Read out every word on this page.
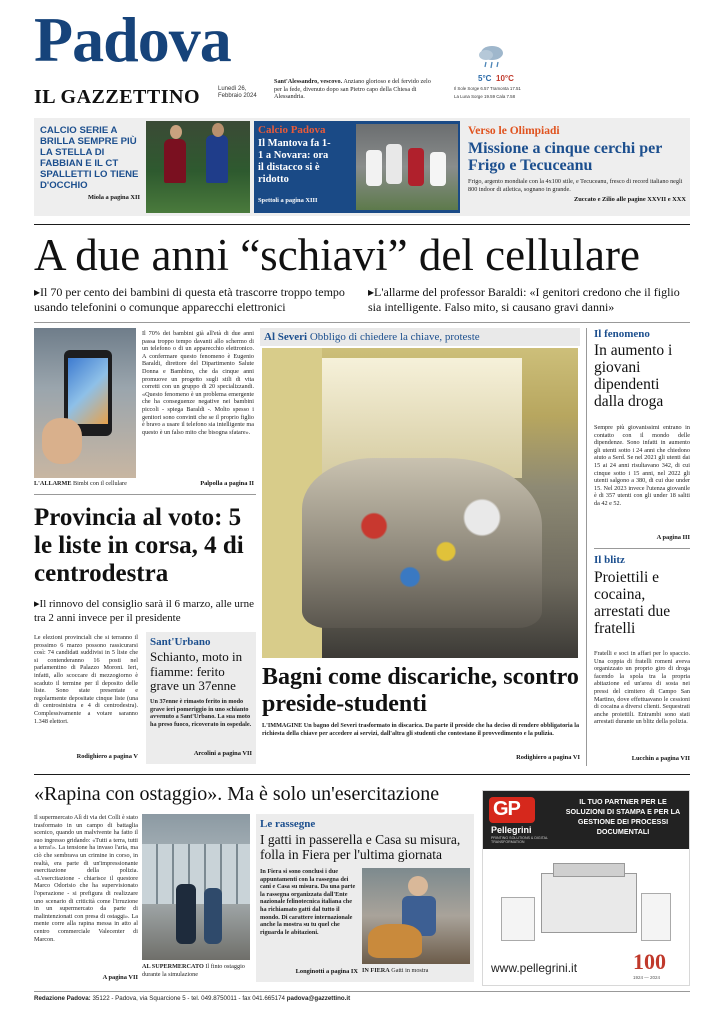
Padova
IL GAZZETTINO	Lunedì 26, Febbraio 2024
Sant'Alessandro, vescovo. Anziano glorioso e del fervido zelo per la fede, divenuto dopo san Pietro capo della Chiesa di Alessandria.
5°C 10°C
Il Sole Sorge 6.57 Tramonta 17.51
La Luna Sorge 19.59 Cala 7.58
CALCIO SERIE A BRILLA SEMPRE PIÙ LA STELLA DI FABBIAN E IL CT SPALLETTI LO TIENE D'OCCHIO
Miola a pagina XII
Calcio Padova
Il Mantova fa 1-1 a Novara: ora il distacco si è ridotto
Spettoli a pagina XIII
Verso le Olimpiadi
Missione a cinque cerchi per Frigo e Tecuceanu
Frigo, argento mondiale con la 4x100 stile, e Tecuceanu, fresco di record italiano negli 800 indoor di atletica, sognano in grande.
Zuccato e Zilio alle pagine XXVII e XXX
A due anni “schiavi” del cellulare
▸Il 70 per cento dei bambini di questa età trascorre troppo tempo usando telefonini o comunque apparecchi elettronici
▸L'allarme del professor Baraldi: «I genitori credono che il figlio sia intelligente. Falso mito, si causano gravi danni»
L'ALLARME Bimbi con il cellulare
Il 70% dei bambini già all'età di due anni passa troppo tempo davanti allo schermo di un telefono o di un apparecchio elettronico. A confermare questo fenomeno è Eugenio Baraldi, direttore del Dipartimento Salute Donna e Bambino, che da cinque anni promuove un progetto sugli stili di vita corretti con un gruppo di 20 specializzandi. «Questo fenomeno è un problema emergente che ha conseguenze negative nei bambini piccoli - spiega Baraldi -. Molto spesso i genitori sono convinti che se il proprio figlio è bravo a usare il telefono sia intelligente ma questo è un falso mito che bisogna sfatare».
Palpolla a pagina II
Al Severi Obbligo di chiedere la chiave, proteste
Bagni come discariche, scontro preside-studenti
L'IMMAGINE Un bagno del Severi trasformato in discarica. Da parte il preside che ha deciso di rendere obbligatoria la richiesta della chiave per accedere ai servizi, dall'altra gli studenti che contestano il provvedimento e la pulizia.
Rodighiero a pagina VI
Il fenomeno
In aumento i giovani dipendenti dalla droga
Sempre più giovanissimi entrano in contatto con il mondo delle dipendenze. Sono infatti in aumento gli utenti sotto i 24 anni che chiedono aiuto a Serd. Se nel 2021 gli utenti dai 15 ai 24 anni risultavano 342, di cui cinque sotto i 15 anni, nel 2022 gli utenti salgono a 380, di cui due under 15. Nel 2023 invece l'utenza giovanile è di 357 utenti con gli under 18 saliti da 42 e 52.
A pagina III
Il blitz
Proiettili e cocaina, arrestati due fratelli
Fratelli e soci in affari per lo spaccio. Una coppia di fratelli romeni aveva organizzato un proprio giro di droga facendo la spola tra la propria abitazione ed un'area di sosta nei pressi del cimitero di Campo San Martino, dove effettuavano le cessioni di cocaina a diversi clienti. Sequestrati anche proiettili. Entrambi sono stati arrestati durante un blitz della polizia.
Lucchin a pagina VII
Provincia al voto: 5 le liste in corsa, 4 di centrodestra
▸Il rinnovo del consiglio sarà il 6 marzo, alle urne tra 2 anni invece per il presidente
Le elezioni provinciali che si terranno il prossimo 6 marzo possono rassicurarsi così: 74 candidati suddivisi in 5 liste che si contenderanno 16 posti nel parlamentino di Palazzo Moroni. Ieri, infatti, allo scoccare di mezzogiorno è scaduto il termine per il deposito delle liste. Sono state presentate e regolarmente depositate cinque liste (una di centrosinistra e 4 di centrodestra). Complessivamente a votare saranno 1.348 elettori.
Rodighiero a pagina V
Sant'Urbano
Schianto, moto in fiamme: ferito grave un 37enne
Un 37enne è rimasto ferito in modo grave ieri pomeriggio in uno schianto avvenuto a Sant'Urbano. La sua moto ha preso fuoco, ricoverato in ospedale.
Arcolini a pagina VII
«Rapina con ostaggio». Ma è solo un'esercitazione
Il supermercato Alì di via dei Colli è stato trasformato in un campo di battaglia scenico, quando un malvivente ha fatto il suo ingresso gridando: «Tutti a terra, tutti a terra!». La tensione ha invaso l'aria, ma ciò che sembrava un crimine in corso, in realtà, era parte di un'impressionante esercitazione della polizia. «L'esercitazione - chiarisce il questore Marco Odorisio che ha supervisionato l'operazione - si prefigura di realizzare uno scenario di criticità come l'irruzione in un supermercato da parte di malintenzionati con presa di ostaggi». La mente corre alla rapina messa in atto al centro commerciale Valecenter di Marcon.
A pagina VII
AL SUPERMERCATO Il finto ostaggio durante la simulazione
Le rassegne
I gatti in passerella e Casa su misura, folla in Fiera per l'ultima giornata
In Fiera si sono conclusi i due appuntamenti con la rassegna dei cani e Casa su misura. Da una parte la rassegna organizzata dall'Ente nazionale felinotecnica italiana che ha richiamato gatti dal tutto il mondo. Di carattere internazionale anche la mostra su tu quel che riguarda le abitazioni.
Longinotti a pagina IX IN FIERA Gatti in mostra
GP
Pellegrini
PRINTING SOLUTIONS & DIGITAL TRANSFORMATION
IL TUO PARTNER PER LE SOLUZIONI DI STAMPA E PER LA GESTIONE DEI PROCESSI DOCUMENTALI
www.pellegrini.it	100
1924 — 2024
Redazione Padova: 35122 - Padova, via Squarcione 5 - tel. 049.8750011 - fax 041.665174 padova@gazzettino.it
